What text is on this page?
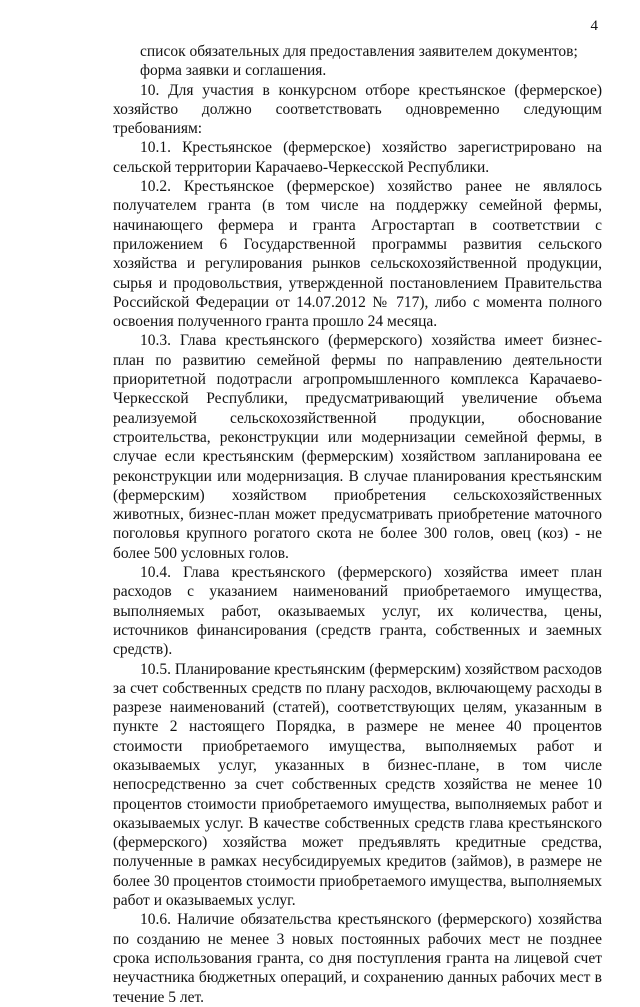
4

список обязательных для предоставления заявителем документов;

форма заявки и соглашения.

10. Для участия в конкурсном отборе крестьянское (фермерское) хозяйство должно соответствовать одновременно следующим требованиям:

10.1. Крестьянское (фермерское) хозяйство зарегистрировано на сельской территории Карачаево-Черкесской Республики.

10.2. Крестьянское (фермерское) хозяйство ранее не являлось получателем гранта (в том числе на поддержку семейной фермы, начинающего фермера и гранта Агростартап в соответствии с приложением 6 Государственной программы развития сельского хозяйства и регулирования рынков сельскохозяйственной продукции, сырья и продовольствия, утвержденной постановлением Правительства Российской Федерации от 14.07.2012 № 717), либо с момента полного освоения полученного гранта прошло 24 месяца.

10.3. Глава крестьянского (фермерского) хозяйства имеет бизнес-план по развитию семейной фермы по направлению деятельности приоритетной подотрасли агропромышленного комплекса Карачаево-Черкесской Республики, предусматривающий увеличение объема реализуемой сельскохозяйственной продукции, обоснование строительства, реконструкции или модернизации семейной фермы, в случае если крестьянским (фермерским) хозяйством запланирована ее реконструкции или модернизация. В случае планирования крестьянским (фермерским) хозяйством приобретения сельскохозяйственных животных, бизнес-план может предусматривать приобретение маточного поголовья крупного рогатого скота не более 300 голов, овец (коз) - не более 500 условных голов.

10.4. Глава крестьянского (фермерского) хозяйства имеет план расходов с указанием наименований приобретаемого имущества, выполняемых работ, оказываемых услуг, их количества, цены, источников финансирования (средств гранта, собственных и заемных средств).

10.5. Планирование крестьянским (фермерским) хозяйством расходов за счет собственных средств по плану расходов, включающему расходы в разрезе наименований (статей), соответствующих целям, указанным в пункте 2 настоящего Порядка, в размере не менее 40 процентов стоимости приобретаемого имущества, выполняемых работ и оказываемых услуг, указанных в бизнес-плане, в том числе непосредственно за счет собственных средств хозяйства не менее 10 процентов стоимости приобретаемого имущества, выполняемых работ и оказываемых услуг. В качестве собственных средств глава крестьянского (фермерского) хозяйства может предъявлять кредитные средства, полученные в рамках несубсидируемых кредитов (займов), в размере не более 30 процентов стоимости приобретаемого имущества, выполняемых работ и оказываемых услуг.

10.6. Наличие обязательства крестьянского (фермерского) хозяйства по созданию не менее 3 новых постоянных рабочих мест не позднее срока использования гранта, со дня поступления гранта на лицевой счет неучастника бюджетных операций, и сохранению данных рабочих мест в течение 5 лет.
